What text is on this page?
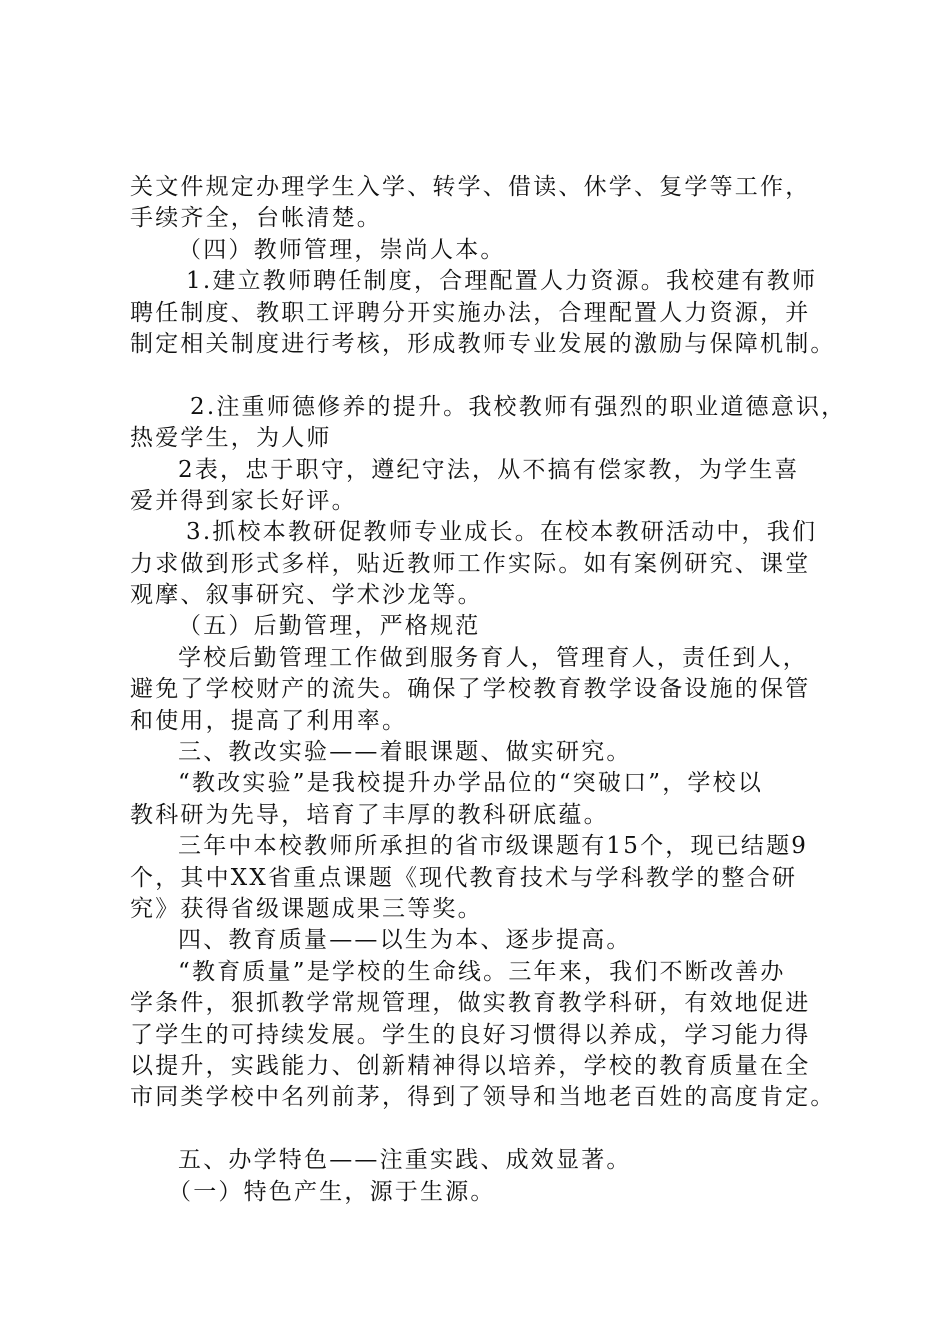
关文件规定办理学生入学、转学、借读、休学、复学等工作，
手续齐全，台帐清楚。
（四）教师管理，崇尚人本。
1.建立教师聘任制度，合理配置人力资源。我校建有教师
聘任制度、教职工评聘分开实施办法，合理配置人力资源，并
制定相关制度进行考核，形成教师专业发展的激励与保障机制。
2.注重师德修养的提升。我校教师有强烈的职业道德意识，
热爱学生，为人师
2表，忠于职守，遵纪守法，从不搞有偿家教，为学生喜
爱并得到家长好评。
3.抓校本教研促教师专业成长。在校本教研活动中，我们
力求做到形式多样，贴近教师工作实际。如有案例研究、课堂
观摩、叙事研究、学术沙龙等。
（五）后勤管理，严格规范
学校后勤管理工作做到服务育人，管理育人，责任到人，
避免了学校财产的流失。确保了学校教育教学设备设施的保管
和使用，提高了利用率。
三、教改实验——着眼课题、做实研究。
“教改实验”是我校提升办学品位的“突破口”，学校以
教科研为先导，培育了丰厚的教科研底蕴。
三年中本校教师所承担的省市级课题有15个，现已结题9
个，其中XX省重点课题《现代教育技术与学科教学的整合研
究》获得省级课题成果三等奖。
四、教育质量——以生为本、逐步提高。
“教育质量”是学校的生命线。三年来，我们不断改善办
学条件，狠抓教学常规管理，做实教育教学科研，有效地促进
了学生的可持续发展。学生的良好习惯得以养成，学习能力得
以提升，实践能力、创新精神得以培养，学校的教育质量在全
市同类学校中名列前茅，得到了领导和当地老百姓的高度肯定。
五、办学特色——注重实践、成效显著。
（一）特色产生，源于生源。
